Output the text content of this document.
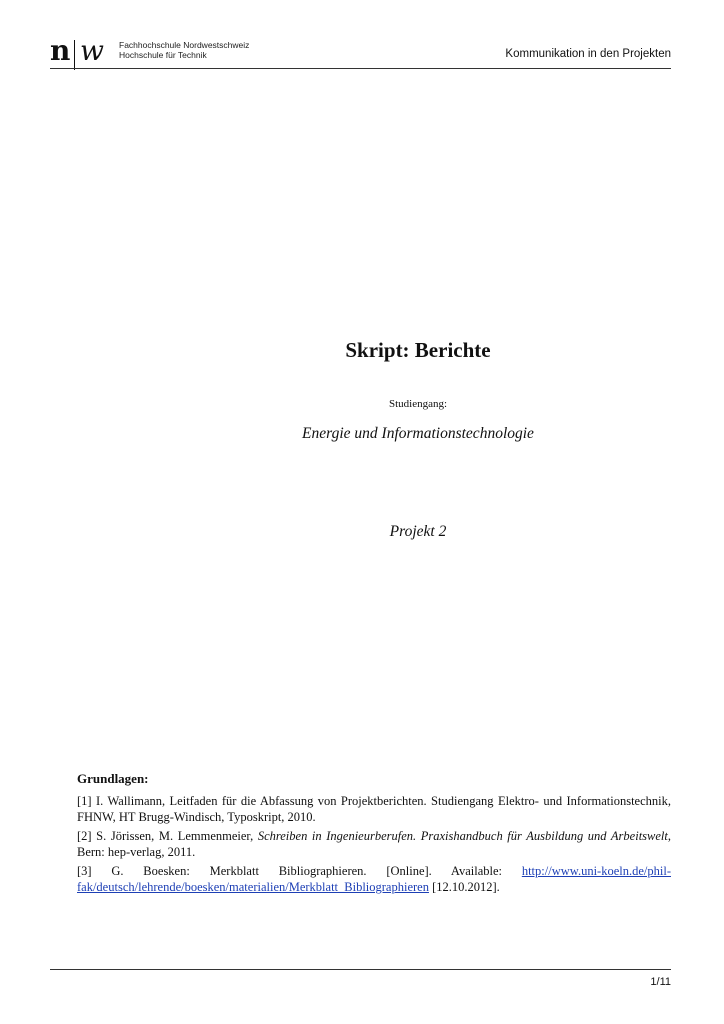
n w Fachhochschule Nordwestschweiz
Hochschule für Technik	Kommunikation in den Projekten
Skript: Berichte
Studiengang:
Energie und Informationstechnologie
Projekt 2
Grundlagen:
[1] I. Wallimann, Leitfaden für die Abfassung von Projektberichten. Studiengang Elektro- und Informationstechnik, FHNW, HT Brugg-Windisch, Typoskript, 2010.
[2] S. Jörissen, M. Lemmenmeier, Schreiben in Ingenieurberufen. Praxishandbuch für Ausbildung und Arbeitswelt, Bern: hep-verlag, 2011.
[3] G. Boesken: Merkblatt Bibliographieren. [Online]. Available: http://www.uni-koeln.de/phil-fak/deutsch/lehrende/boesken/materialien/Merkblatt_Bibliographieren [12.10.2012].
1/11
